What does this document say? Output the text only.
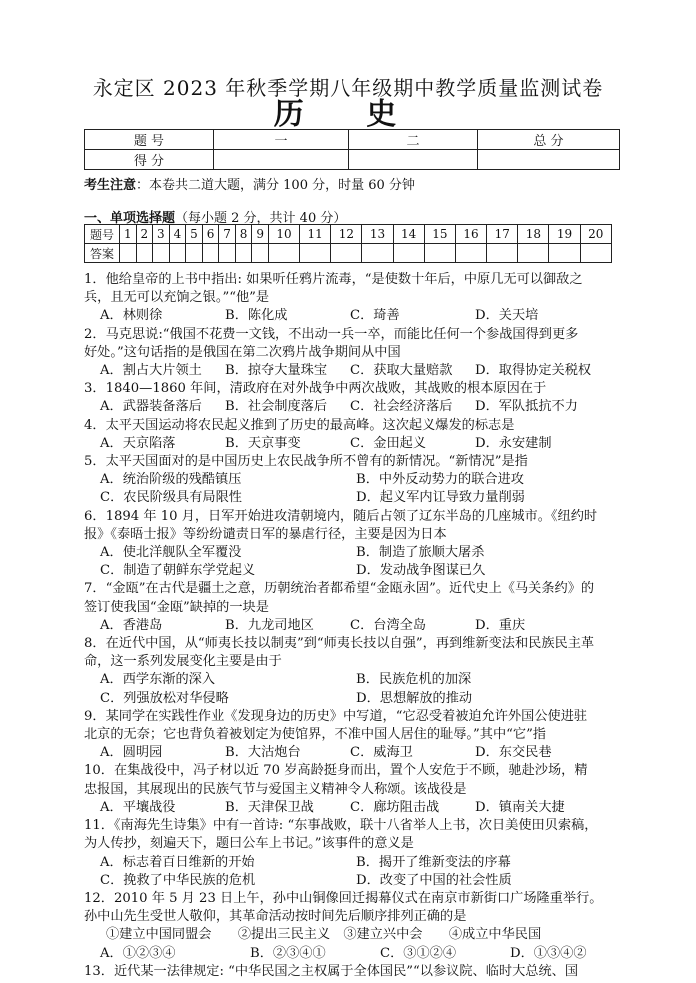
永定区 2023 年秋季学期八年级期中教学质量监测试卷
历 史
题 号	一	二	总 分
得 分			
考生注意：本卷共二道大题，满分 100 分，时量 60 分钟
一、单项选择题（每小题 2 分，共计 40 分）
题号	1	2	3	4	5	6	7	8	9	10	11	12	13	14	15	16	17	18	19	20
答案																				
1．他给皇帝的上书中指出: 如果听任鸦片流毒，“是使数十年后，中原几无可以御敌之
兵，且无可以充饷之银。”“他”是
A．林则徐	B．陈化成	C．琦善	D．关天培
2．马克思说:“俄国不花费一文钱，不出动一兵一卒，而能比任何一个参战国得到更多
好处。”这句话指的是俄国在第二次鸦片战争期间从中国
A．割占大片领土	B．掠夺大量珠宝	C．获取大量赔款	D．取得协定关税权
3．1840—1860 年间，清政府在对外战争中两次战败，其战败的根本原因在于
A．武器装备落后	B．社会制度落后	C．社会经济落后	D．军队抵抗不力
4．太平天国运动将农民起义推到了历史的最高峰。这次起义爆发的标志是
A．天京陷落	B．天京事变	C．金田起义	D．永安建制
5．太平天国面对的是中国历史上农民战争所不曾有的新情况。“新情况”是指
A．统治阶级的残酷镇压	B．中外反动势力的联合进攻
C．农民阶级具有局限性	D．起义军内讧导致力量削弱
6．1894 年 10 月，日军开始进攻清朝境内，随后占领了辽东半岛的几座城市。《纽约时
报》《泰晤士报》等纷纷谴责日军的暴虐行径，主要是因为日本
A．使北洋舰队全军覆没	B．制造了旅顺大屠杀
C．制造了朝鲜东学党起义	D．发动战争图谋已久
7．“金瓯”在古代是疆土之意，历朝统治者都希望“金瓯永固”。近代史上《马关条约》的
签订使我国“金瓯”缺掉的一块是
A．香港岛	B．九龙司地区	C．台湾全岛	D．重庆
8．在近代中国，从“师夷长技以制夷”到“师夷长技以自强”，再到维新变法和民族民主革
命，这一系列发展变化主要是由于
A．西学东渐的深入	B．民族危机的加深
C．列强放松对华侵略	D．思想解放的推动
9．某同学在实践性作业《发现身边的历史》中写道，“它忍受着被迫允许外国公使进驻
北京的无奈；它也背负着被划定为使馆界，不准中国人居住的耻辱。”其中“它”指
A．圆明园	B．大沽炮台	C．威海卫	D．东交民巷
10．在集战役中，冯子材以近 70 岁高龄挺身而出，置个人安危于不顾，驰赴沙场，精
忠报国，其展现出的民族气节与爱国主义精神令人称颂。该战役是
A．平壤战役	B．天津保卫战	C．廊坊阻击战	D．镇南关大捷
11．《南海先生诗集》中有一首诗: “东事战败，联十八省举人上书，次日美使田贝索稿，
为人传抄，刻遍天下，题曰公车上书记。”该事件的意义是
A．标志着百日维新的开始	B．揭开了维新变法的序幕
C．挽救了中华民族的危机	D．改变了中国的社会性质
12．2010 年 5 月 23 日上午，孙中山铜像回迁揭幕仪式在南京市新街口广场隆重举行。
孙中山先生受世人敬仰，其革命活动按时间先后顺序排列正确的是
①建立中国同盟会　　②提出三民主义　③建立兴中会　　④成立中华民国
A．①②③④	B．②③④①	C．③①②④	D．①③④②
13．近代某一法律规定: “中华民国之主权属于全体国民”“以参议院、临时大总统、国
